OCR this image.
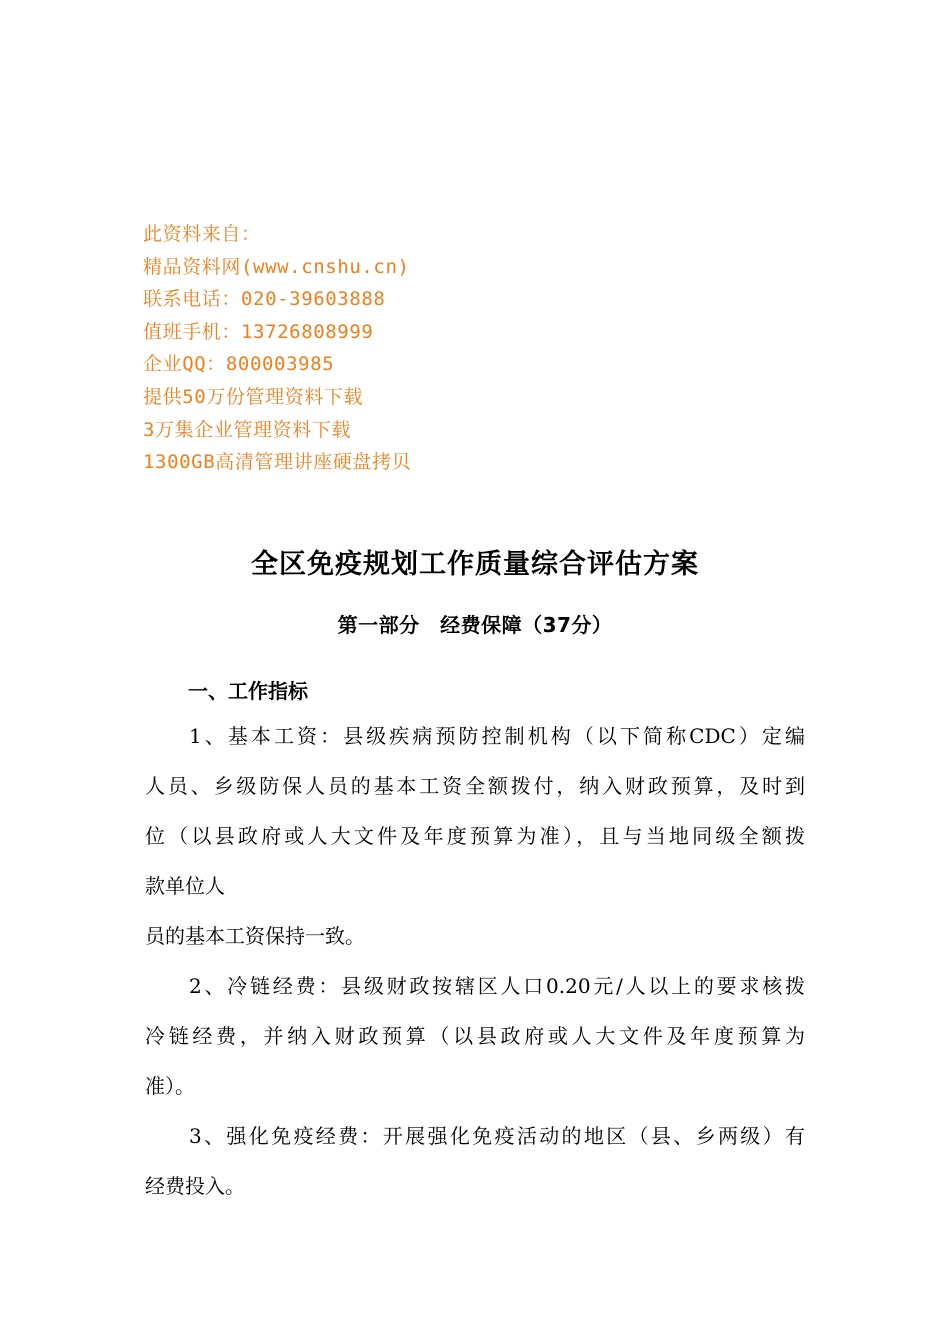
此资料来自：
精品资料网(www.cnshu.cn)
联系电话：020-39603888
值班手机：13726808999
企业QQ：800003985
提供50万份管理资料下载
3万集企业管理资料下载
1300GB高清管理讲座硬盘拷贝
全区免疫规划工作质量综合评估方案
第一部分　经费保障（37分）
一、工作指标
1、基本工资：县级疾病预防控制机构（以下简称CDC）定编
人员、乡级防保人员的基本工资全额拨付，纳入财政预算，及时到
位（以县政府或人大文件及年度预算为准），且与当地同级全额拨
款单位人
员的基本工资保持一致。
2、冷链经费：县级财政按辖区人口0.20元/人以上的要求核拨
冷链经费，并纳入财政预算（以县政府或人大文件及年度预算为
准）。
3、强化免疫经费：开展强化免疫活动的地区（县、乡两级）有
经费投入。
